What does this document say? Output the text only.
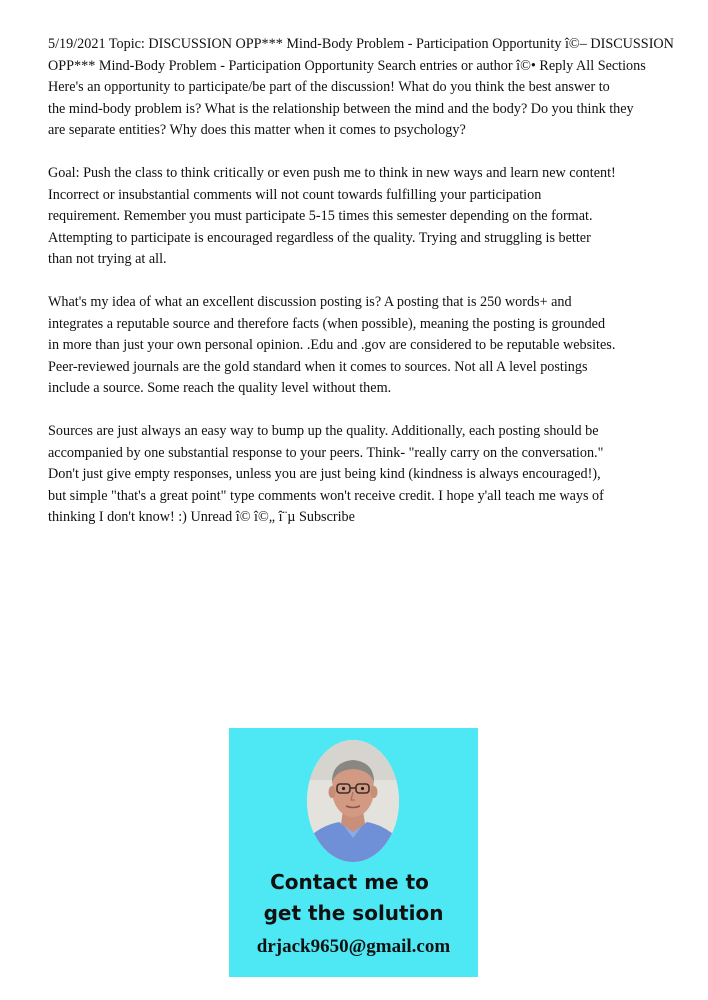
5/19/2021 Topic: DISCUSSION OPP*** Mind-Body Problem - Participation Opportunity î©– DISCUSSION
OPP*** Mind-Body Problem - Participation Opportunity Search entries or author î©• Reply All Sections
Here's an opportunity to participate/be part of the discussion! What do you think the best answer to
the mind-body problem is? What is the relationship between the mind and the body? Do you think they
are separate entities? Why does this matter when it comes to psychology?
Goal: Push the class to think critically or even push me to think in new ways and learn new content!
Incorrect or insubstantial comments will not count towards fulfilling your participation
requirement. Remember you must participate 5-15 times this semester depending on the format.
Attempting to participate is encouraged regardless of the quality. Trying and struggling is better
than not trying at all.
What's my idea of what an excellent discussion posting is? A posting that is 250 words+ and
integrates a reputable source and therefore facts (when possible), meaning the posting is grounded
in more than just your own personal opinion. .Edu and .gov are considered to be reputable websites.
Peer-reviewed journals are the gold standard when it comes to sources. Not all A level postings
include a source. Some reach the quality level without them.
Sources are just always an easy way to bump up the quality. Additionally, each posting should be
accompanied by one substantial response to your peers. Think- "really carry on the conversation."
Don't just give empty responses, unless you are just being kind (kindness is always encouraged!),
but simple "that's a great point" type comments won't receive credit. I hope y'all teach me ways of
thinking I don't know! :) Unread î© î©„ î¨µ Subscribe
Contact me to
get the solution
drjack9650@gmail.com
